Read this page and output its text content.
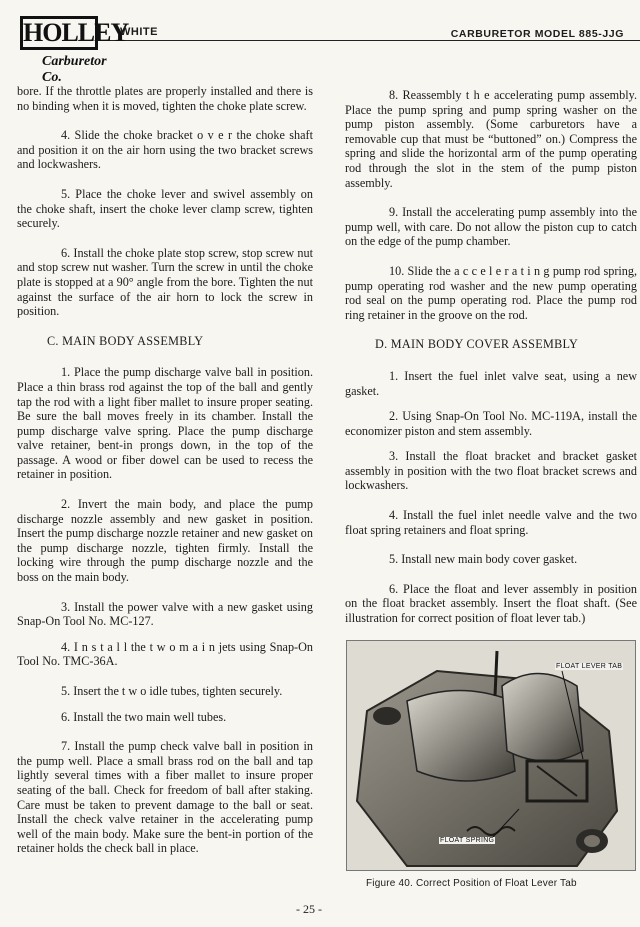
HOLLEY
Carburetor Co.
WHITE	CARBURETOR MODEL 885-JJG

bore. If the throttle plates are properly installed and there is no binding when it is moved, tighten the choke plate screw.

4. Slide the choke bracket o v e r the choke shaft and position it on the air horn using the two bracket screws and lockwashers.

5. Place the choke lever and swivel assembly on the choke shaft, insert the choke lever clamp screw, tighten securely.

6. Install the choke plate stop screw, stop screw nut and stop screw nut washer. Turn the screw in until the choke plate is stopped at a 90° angle from the bore. Tighten the nut against the surface of the air horn to lock the screw in position.

C. MAIN BODY ASSEMBLY

1. Place the pump discharge valve ball in position. Place a thin brass rod against the top of the ball and gently tap the rod with a light fiber mallet to insure proper seating. Be sure the ball moves freely in its chamber. Install the pump discharge valve spring. Place the pump discharge valve retainer, bent-in prongs down, in the top of the passage. A wood or fiber dowel can be used to recess the retainer in position.

2. Invert the main body, and place the pump discharge nozzle assembly and new gasket in position. Insert the pump discharge nozzle retainer and new gasket on the pump discharge nozzle, tighten firmly. Install the locking wire through the pump discharge nozzle and the boss on the main body.

3. Install the power valve with a new gasket using Snap-On Tool No. MC-127.

4. I n s t a l l the t w o m a i n jets using Snap-On Tool No. TMC-36A.

5. Insert the t w o idle tubes, tighten securely.

6. Install the two main well tubes.

7. Install the pump check valve ball in position in the pump well. Place a small brass rod on the ball and tap lightly several times with a fiber mallet to insure proper seating of the ball. Check for freedom of ball after staking. Care must be taken to prevent damage to the ball or seat. Install the check valve retainer in the accelerating pump well of the main body. Make sure the bent-in portion of the retainer holds the check ball in place.

8. Reassembly t h e accelerating pump assembly. Place the pump spring and pump spring washer on the pump piston assembly. (Some carburetors have a removable cup that must be “buttoned” on.) Compress the spring and slide the horizontal arm of the pump operating rod through the slot in the stem of the pump piston assembly.

9. Install the accelerating pump assembly into the pump well, with care. Do not allow the piston cup to catch on the edge of the pump chamber.

10. Slide the a c c e l e r a t i n g pump rod spring, pump operating rod washer and the new pump operating rod seal on the pump operating rod. Place the pump rod ring retainer in the groove on the rod.

D. MAIN BODY COVER ASSEMBLY

1. Insert the fuel inlet valve seat, using a new gasket.

2. Using Snap-On Tool No. MC-119A, install the economizer piston and stem assembly.

3. Install the float bracket and bracket gasket assembly in position with the two float bracket screws and lockwashers.

4. Install the fuel inlet needle valve and the two float spring retainers and float spring.

5. Install new main body cover gasket.

6. Place the float and lever assembly in position on the float bracket assembly. Insert the float shaft. (See illustration for correct position of float lever tab.)

FLOAT LEVER TAB
FLOAT SPRING
Figure 40. Correct Position of Float Lever Tab
- 25 -
